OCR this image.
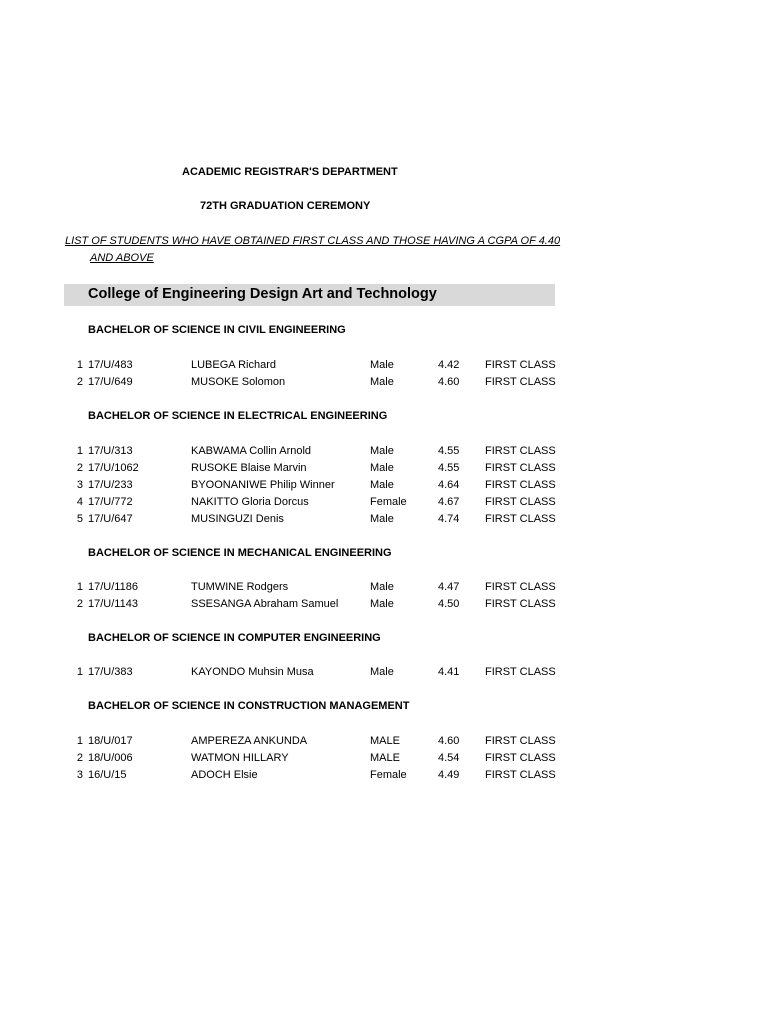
ACADEMIC REGISTRAR'S DEPARTMENT
72TH GRADUATION CEREMONY
LIST OF STUDENTS WHO HAVE OBTAINED FIRST CLASS AND THOSE HAVING A CGPA OF 4.40
AND ABOVE
College of Engineering Design Art and Technology
BACHELOR OF SCIENCE IN CIVIL ENGINEERING
1 17/U/483	LUBEGA Richard	Male	4.42 FIRST CLASS
2 17/U/649	MUSOKE Solomon	Male	4.60 FIRST CLASS
BACHELOR OF SCIENCE IN ELECTRICAL ENGINEERING
1 17/U/313	KABWAMA Collin Arnold	Male	4.55 FIRST CLASS
2 17/U/1062	RUSOKE Blaise Marvin	Male	4.55 FIRST CLASS
3 17/U/233	BYOONANIWE Philip Winner	Male	4.64 FIRST CLASS
4 17/U/772	NAKITTO Gloria Dorcus	Female	4.67 FIRST CLASS
5 17/U/647	MUSINGUZI Denis	Male	4.74 FIRST CLASS
BACHELOR OF SCIENCE IN MECHANICAL ENGINEERING
1 17/U/1186	TUMWINE Rodgers	Male	4.47 FIRST CLASS
2 17/U/1143	SSESANGA Abraham Samuel	Male	4.50 FIRST CLASS
BACHELOR OF SCIENCE IN COMPUTER ENGINEERING
1 17/U/383	KAYONDO Muhsin Musa	Male	4.41 FIRST CLASS
BACHELOR OF SCIENCE IN CONSTRUCTION MANAGEMENT
1 18/U/017	AMPEREZA ANKUNDA	MALE	4.60 FIRST CLASS
2 18/U/006	WATMON HILLARY	MALE	4.54 FIRST CLASS
3 16/U/15	ADOCH Elsie	Female	4.49 FIRST CLASS
